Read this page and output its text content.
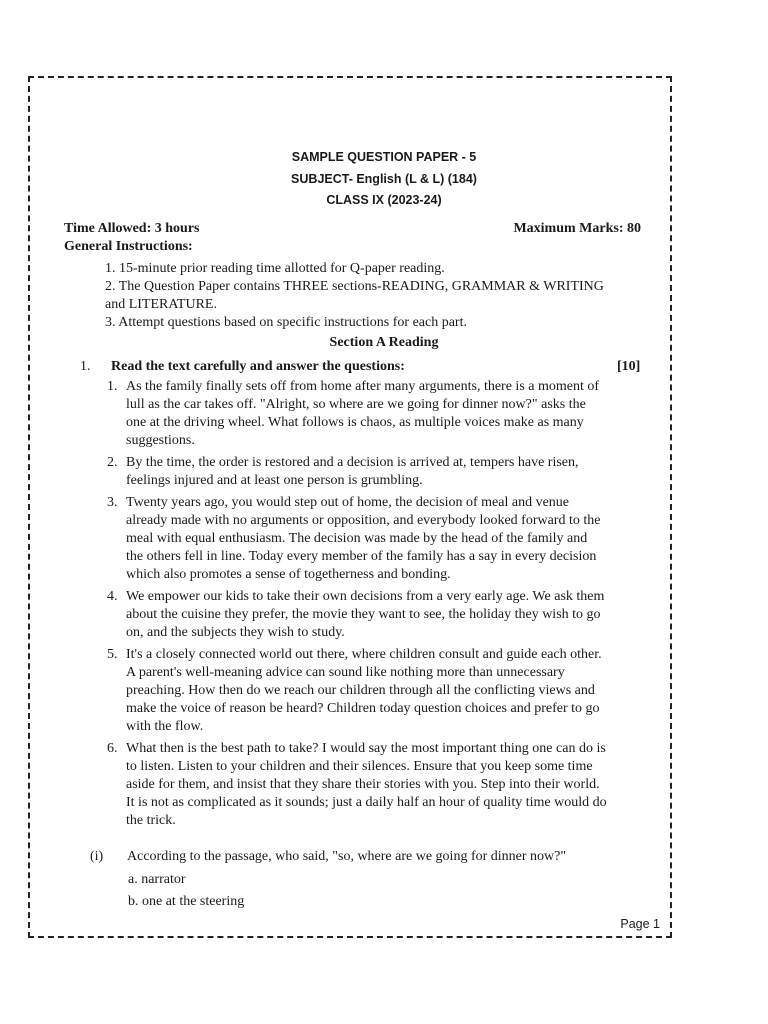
SAMPLE QUESTION PAPER - 5
SUBJECT- English (L & L) (184)
CLASS IX (2023-24)
Time Allowed: 3 hours	Maximum Marks: 80
General Instructions:

1. 15-minute prior reading time allotted for Q-paper reading.

2. The Question Paper contains THREE sections-READING, GRAMMAR & WRITING and LITERATURE.

3. Attempt questions based on specific instructions for each part.

Section A Reading
1. Read the text carefully and answer the questions:	[10]
1. As the family finally sets off from home after many arguments, there is a moment of lull as the car takes off. "Alright, so where are we going for dinner now?" asks the one at the driving wheel. What follows is chaos, as multiple voices make as many suggestions.
2. By the time, the order is restored and a decision is arrived at, tempers have risen, feelings injured and at least one person is grumbling.
3. Twenty years ago, you would step out of home, the decision of meal and venue already made with no arguments or opposition, and everybody looked forward to the meal with equal enthusiasm. The decision was made by the head of the family and the others fell in line. Today every member of the family has a say in every decision which also promotes a sense of togetherness and bonding.
4. We empower our kids to take their own decisions from a very early age. We ask them about the cuisine they prefer, the movie they want to see, the holiday they wish to go on, and the subjects they wish to study.
5. It's a closely connected world out there, where children consult and guide each other. A parent's well-meaning advice can sound like nothing more than unnecessary preaching. How then do we reach our children through all the conflicting views and make the voice of reason be heard? Children today question choices and prefer to go with the flow.
6. What then is the best path to take? I would say the most important thing one can do is to listen. Listen to your children and their silences. Ensure that you keep some time aside for them, and insist that they share their stories with you. Step into their world. It is not as complicated as it sounds; just a daily half an hour of quality time would do the trick.
(i) According to the passage, who said, "so, where are we going for dinner now?"
a. narrator
b. one at the steering
Page 1
